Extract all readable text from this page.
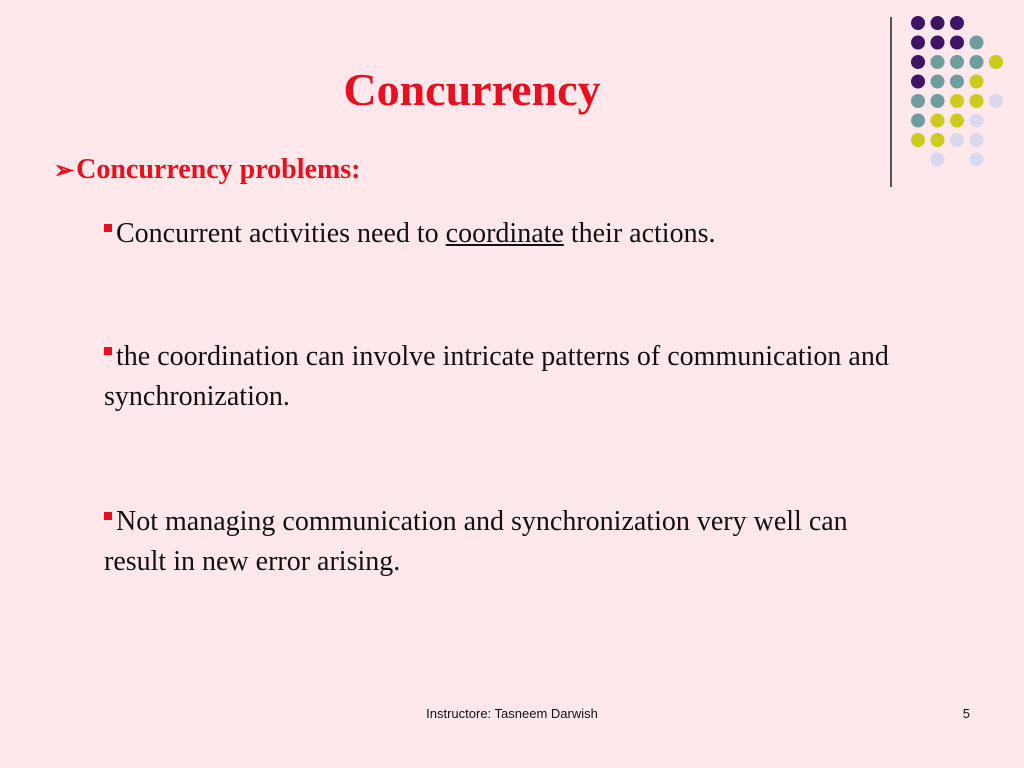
Concurrency
➢Concurrency problems:
Concurrent activities need to coordinate their actions.
the coordination can involve intricate patterns of communication and synchronization.
Not managing communication and synchronization very well can result in new error arising.
Instructore: Tasneem Darwish	5
